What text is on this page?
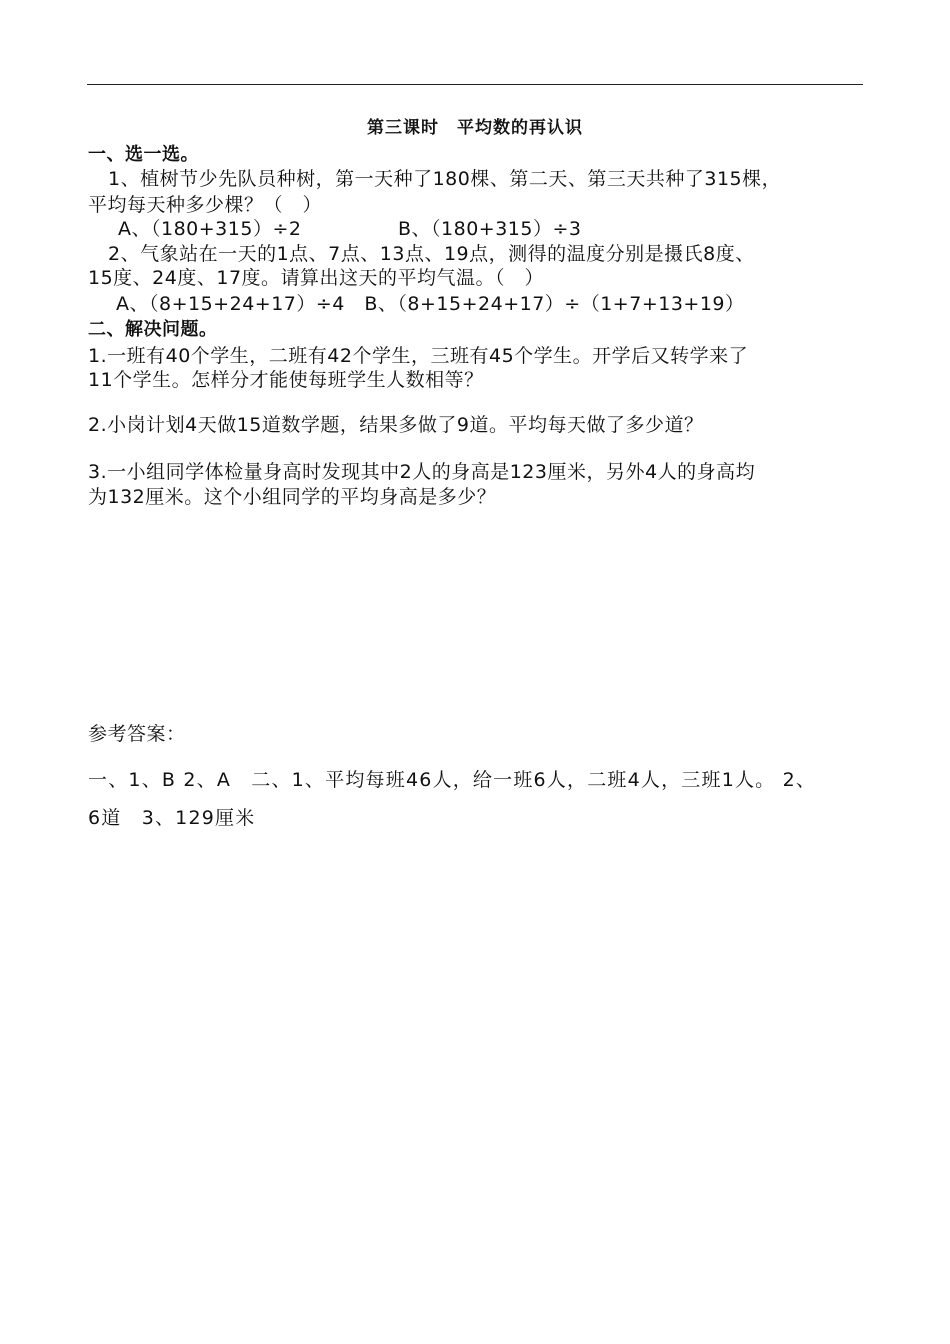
第三课时　平均数的再认识
一、选一选。
1、植树节少先队员种树，第一天种了180棵、第二天、第三天共种了315棵，
平均每天种多少棵？（　）
A、（180+315）÷2	B、（180+315）÷3
2、气象站在一天的1点、7点、13点、19点，测得的温度分别是摄氏8度、
15度、24度、17度。请算出这天的平均气温。（　）
A、（8+15+24+17）÷4　B、（8+15+24+17）÷（1+7+13+19）
二、解决问题。
1.一班有40个学生，二班有42个学生，三班有45个学生。开学后又转学来了
11个学生。怎样分才能使每班学生人数相等？
2.小岗计划4天做15道数学题，结果多做了9道。平均每天做了多少道？
3.一小组同学体检量身高时发现其中2人的身高是123厘米，另外4人的身高均
为132厘米。这个小组同学的平均身高是多少？
参考答案：
一、1、B 2、A　二、1、平均每班46人，给一班6人，二班4人，三班1人。 2、
6道　3、129厘米
